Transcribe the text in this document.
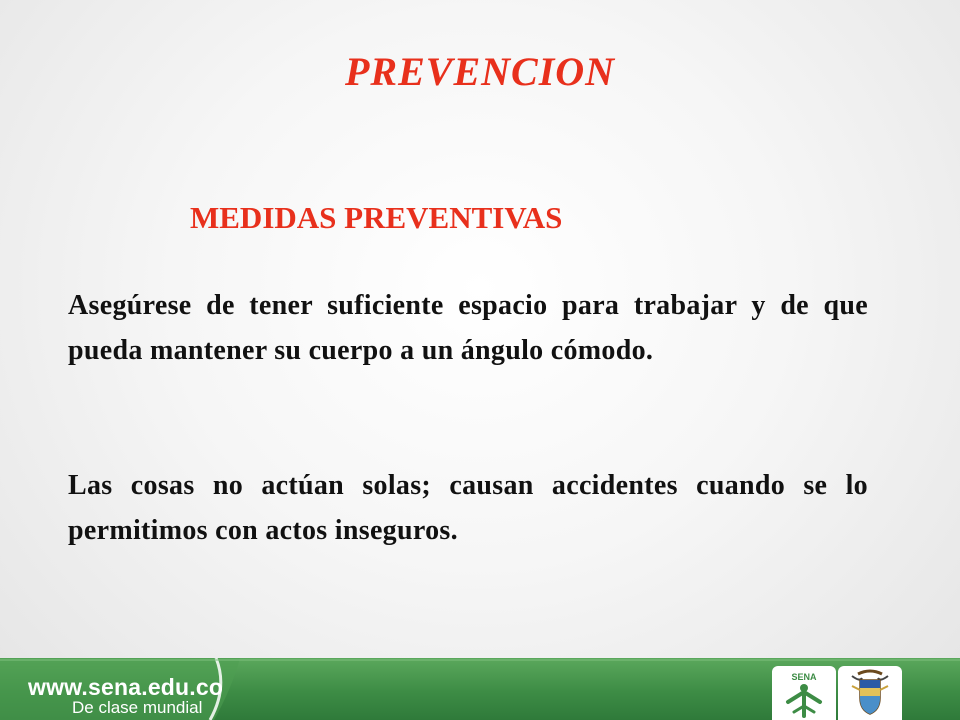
PREVENCION
MEDIDAS PREVENTIVAS
Asegúrese de tener suficiente espacio para trabajar y de que pueda mantener su cuerpo a un ángulo cómodo.
Las cosas no actúan solas; causan accidentes cuando se lo permitimos con actos inseguros.
www.sena.edu.co
De clase mundial
SENA
